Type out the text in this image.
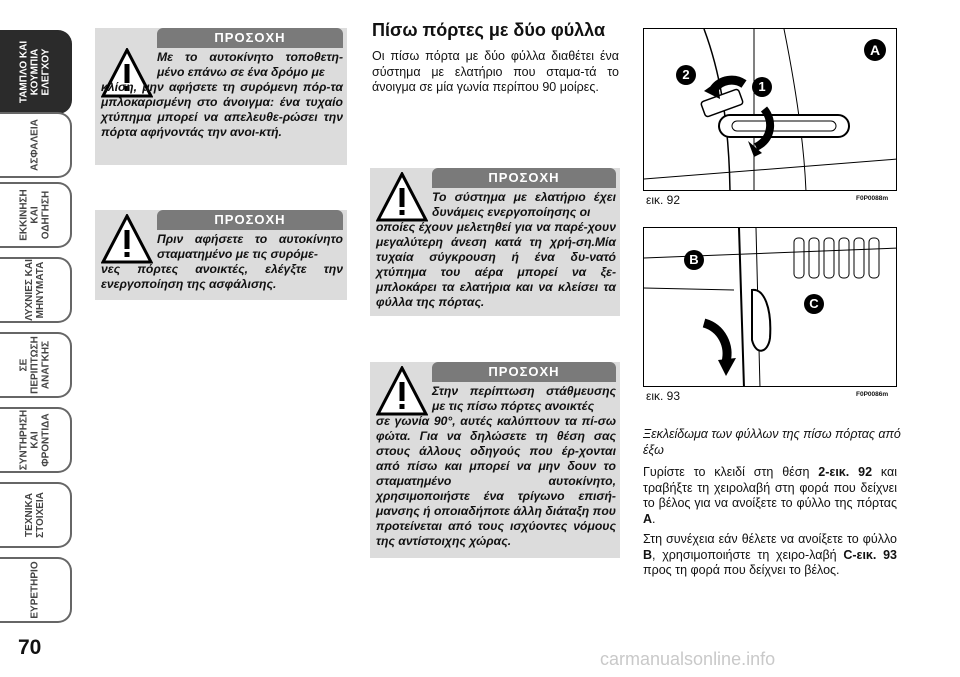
ΤΑΜΠΛΟ ΚΑΙ
ΚΟΥΜΠΙΑ
ΕΛΕΓΧΟΥ
ΑΣΦΑΛΕΙΑ
ΕΚΚΙΝΗΣΗ
ΚΑΙ ΟΔΗΓΗΣΗ
ΛΥΧΝΙΕΣ ΚΑΙ
ΜΗΝΥΜΑΤΑ
ΣΕ ΠΕΡΙΠΤΩΣΗ
ΑΝΑΓΚΗΣ
ΣΥΝΤΗΡΗΣΗ
ΚΑΙ ΦΡΟΝΤΙΔΑ
ΤΕΧΝΙΚΑ
ΣΤΟΙΧΕΙΑ
ΕΥΡΕΤΗΡΙΟ
70
ΠΡΟΣΟΧΗ
Με το αυτοκίνητο τοποθετη-μένο επάνω σε ένα δρόμο με
κλίση, μην αφήσετε τη συρόμενη πόρ-τα μπλοκαρισμένη στο άνοιγμα: ένα τυχαίο χτύπημα μπορεί να απελευθε-ρώσει την πόρτα αφήνοντάς την ανοι-κτή.
ΠΡΟΣΟΧΗ
Πριν αφήσετε το αυτοκίνητο σταματημένο με τις συρόμε-
νες πόρτες ανοικτές, ελέγξτε την ενεργοποίηση της ασφάλισης.
Πίσω πόρτες με δύο φύλλα
Οι πίσω πόρτα με δύο φύλλα διαθέτει ένα σύστημα με ελατήριο που σταμα-τά το άνοιγμα σε μία γωνία περίπου 90 μοίρες.
ΠΡΟΣΟΧΗ
Το σύστημα με ελατήριο έχει δυνάμεις ενεργοποίησης οι
οποίες έχουν μελετηθεί για να παρέ-χουν μεγαλύτερη άνεση κατά τη χρή-ση.Μία τυχαία σύγκρουση ή ένα δυ-νατό χτύπημα του αέρα μπορεί να ξε-μπλοκάρει τα ελατήρια και να κλείσει τα φύλλα της πόρτας.
ΠΡΟΣΟΧΗ
Στην περίπτωση στάθμευσης με τις πίσω πόρτες ανοικτές
σε γωνία 90°, αυτές καλύπτουν τα πί-σω φώτα. Για να δηλώσετε τη θέση σας στους άλλους οδηγούς που έρ-χονται από πίσω και μπορεί να μην δουν το σταματημένο αυτοκίνητο, χρησιμοποιήστε ένα τρίγωνο επισή-μανσης ή οποιαδήποτε άλλη διάταξη που προτείνεται από τους ισχύοντες νόμους της αντίστοιχης χώρας.
A
1
2
εικ. 92	F0P0088m
B
C
εικ. 93	F0P0086m
Ξεκλείδωμα των φύλλων της πίσω πόρτας από έξω
Γυρίστε το κλειδί στη θέση 2-εικ. 92 και τραβήξτε τη χειρολαβή στη φορά που δείχνει το βέλος για να ανοίξετε το φύλλο της πόρτας A.
Στη συνέχεια εάν θέλετε να ανοίξετε το φύλλο B, χρησιμοποιήστε τη χειρο-λαβή C-εικ. 93 προς τη φορά που δείχνει το βέλος.
carmanualsonline.info
